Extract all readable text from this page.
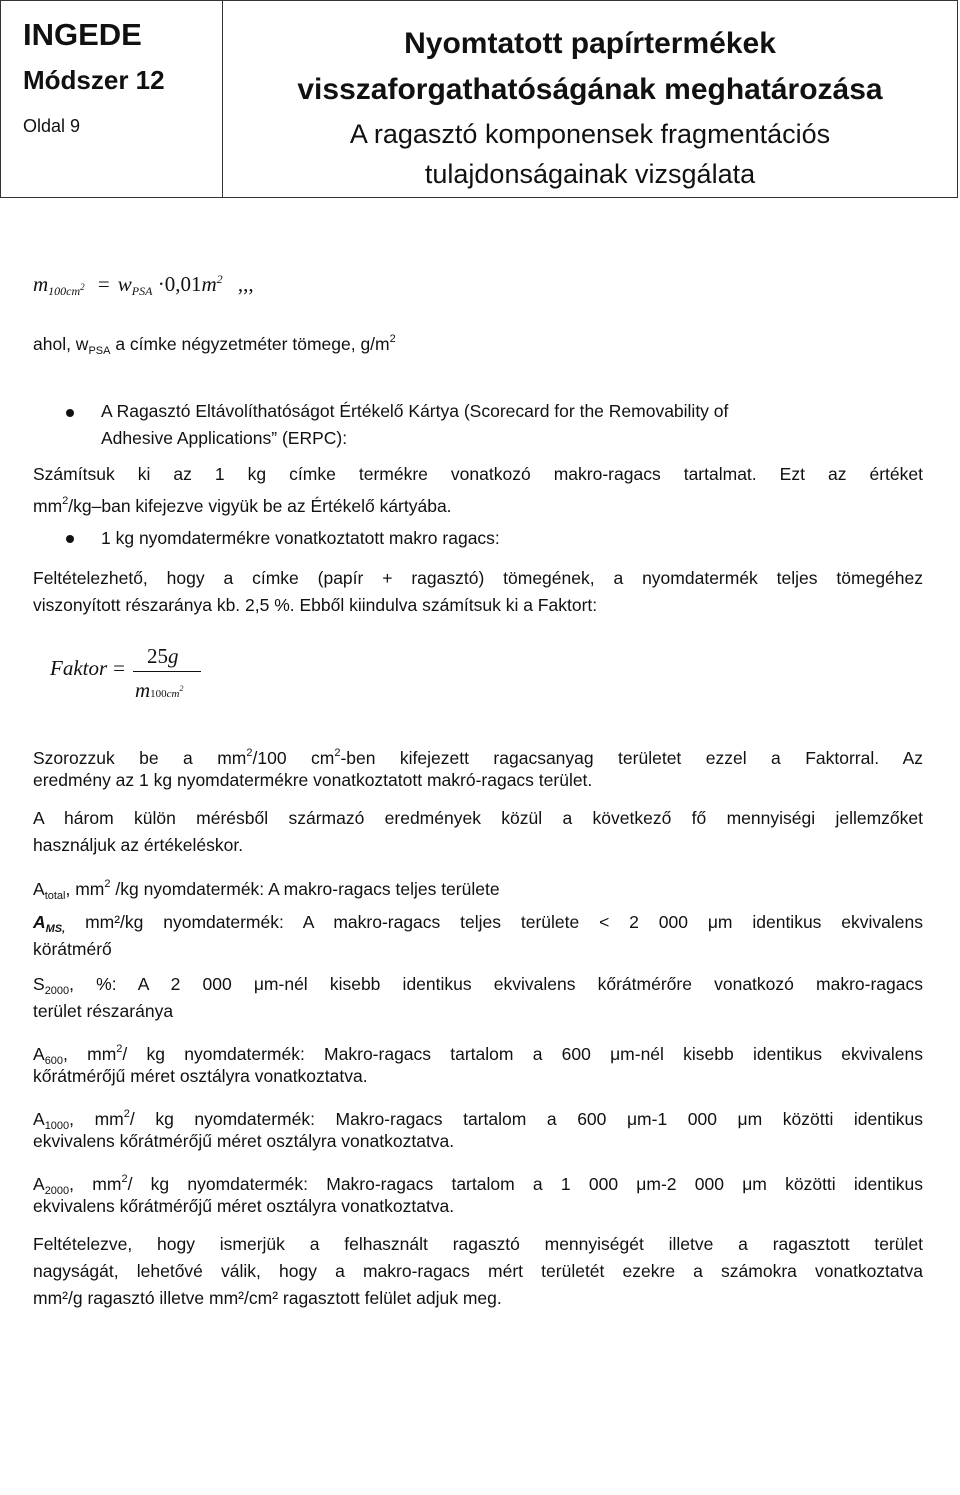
INGEDE
Módszer 12
Oldal 9
Nyomtatott papírtermékek
visszaforgathatóságának meghatározása
A ragasztó komponensek fragmentációs
tulajdonságainak vizsgálata
$m_{100cm^2} = w_{PSA} \cdot 0,01m^2$ ,,,
ahol, $w_{PSA}$ a címke négyzetméter tömege, $g/m^2$
A Ragasztó Eltávolíthatóságot Értékelő Kártya (Scorecard for the Removability of
Adhesive Applications” (ERPC):
Számítsuk ki az 1 kg címke termékre vonatkozó makro-ragacs tartalmat. Ezt az értéket
$mm^2/kg$–ban kifejezve vigyük be az Értékelő kártyába.
1 kg nyomdatermékre vonatkoztatott makro ragacs:
Feltételezhető, hogy a címke (papír + ragasztó) tömegének, a nyomdatermék teljes tömegéhez
viszonyított részaránya kb. 2,5 %. Ebből kiindulva számítsuk ki a Faktort:
Faktor = 25g
$m100cm^2$
Szorozzuk be a $mm^2/100$ $cm^2$-ben kifejezett ragacsanyag területet ezzel a Faktorral. Az
eredmény az 1 kg nyomdatermékre vonatkoztatott makró-ragacs terület.
A három külön mérésből származó eredmények közül a következő fő mennyiségi jellemzőket
használjuk az értékeléskor.
$A_{total}$, $mm^2$ /kg nyomdatermék: A makro-ragacs teljes területe
$A_{MS,}$ mm²/kg nyomdatermék: A makro-ragacs teljes területe < 2 000 μm identikus ekvivalens
körátmérő
$S_{2000}$, %: A 2 000 μm-nél kisebb identikus ekvivalens kőrátmérőre vonatkozó makro-ragacs
terület részaránya
$A_{600}$, $mm^2/$ kg nyomdatermék: Makro-ragacs tartalom a 600 μm-nél kisebb identikus ekvivalens
kőrátmérőjű méret osztályra vonatkoztatva.
$A_{1000}$, $mm^2/$ kg nyomdatermék: Makro-ragacs tartalom a 600 μm-1 000 μm közötti identikus
ekvivalens kőrátmérőjű méret osztályra vonatkoztatva.
$A_{2000}$, $mm^2/$ kg nyomdatermék: Makro-ragacs tartalom a 1 000 μm-2 000 μm közötti identikus
ekvivalens kőrátmérőjű méret osztályra vonatkoztatva.
Feltételezve, hogy ismerjük a felhasznált ragasztó mennyiségét illetve a ragasztott terület
nagyságát, lehetővé válik, hogy a makro-ragacs mért területét ezekre a számokra vonatkoztatva
mm²/g ragasztó illetve mm²/cm² ragasztott felület adjuk meg.
